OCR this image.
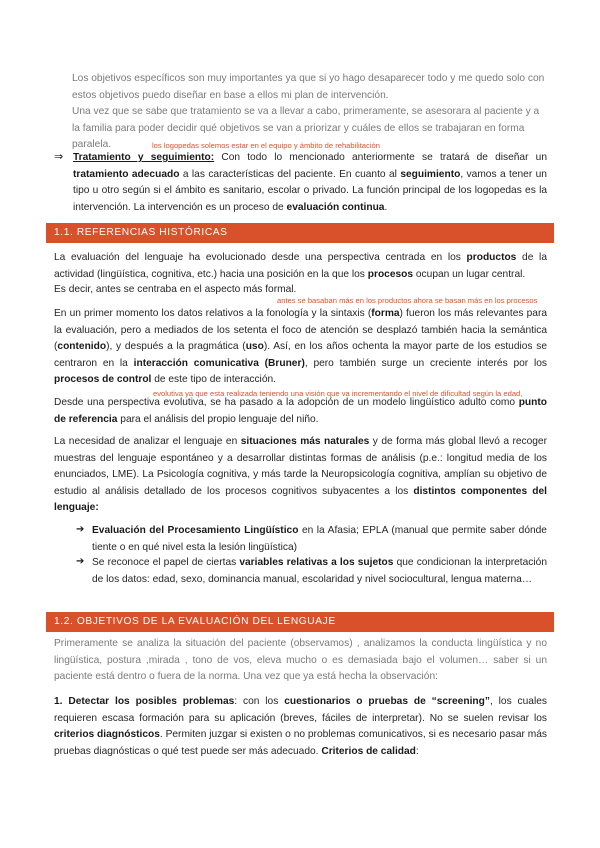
Los objetivos específicos son muy importantes ya que si yo hago desaparecer todo y me quedo solo con estos objetivos puedo diseñar en base a ellos mi plan de intervención.

Una vez que se sabe que tratamiento se va a llevar a cabo, primeramente, se asesorara al paciente y a la familia para poder decidir qué objetivos se van a priorizar y cuáles de ellos se trabajaran en forma paralela.	los logopedas solemos estar en el equipo y ámbito de rehabilitación
⇒ Tratamiento y seguimiento: Con todo lo mencionado anteriormente se tratará de diseñar un tratamiento adecuado a las características del paciente. En cuanto al seguimiento, vamos a tener un tipo u otro según si el ámbito es sanitario, escolar o privado. La función principal de los logopedas es la intervención. La intervención es un proceso de evaluación continua.

1.1. REFERENCIAS HISTÓRICAS

La evaluación del lenguaje ha evolucionado desde una perspectiva centrada en los productos de la actividad (lingüística, cognitiva, etc.) hacia una posición en la que los procesos ocupan un lugar central.

Es decir, antes se centraba en el aspecto más formal.

antes se basaban más en los productos ahora se basan más en los procesos

En un primer momento los datos relativos a la fonología y la sintaxis (forma) fueron los más relevantes para la evaluación, pero a mediados de los setenta el foco de atención se desplazó también hacia la semántica (contenido), y después a la pragmática (uso). Así, en los años ochenta la mayor parte de los estudios se centraron en la interacción comunicativa (Bruner), pero también surge un creciente interés por los procesos de control de este tipo de interacción.

evolutiva ya que esta realizada teniendo una visión que va incrementando el nivel de dificultad según la edad,

Desde una perspectiva evolutiva, se ha pasado a la adopción de un modelo lingüístico adulto como punto de referencia para el análisis del propio lenguaje del niño.

La necesidad de analizar el lenguaje en situaciones más naturales y de forma más global llevó a recoger muestras del lenguaje espontáneo y a desarrollar distintas formas de análisis (p.e.: longitud media de los enunciados, LME). La Psicología cognitiva, y más tarde la Neuropsicología cognitiva, amplían su objetivo de estudio al análisis detallado de los procesos cognitivos subyacentes a los distintos componentes del lenguaje:

➔ Evaluación del Procesamiento Lingüístico en la Afasia; EPLA (manual que permite saber dónde tiente o en qué nivel esta la lesión lingüística)

➔ Se reconoce el papel de ciertas variables relativas a los sujetos que condicionan la interpretación de los datos: edad, sexo, dominancia manual, escolaridad y nivel sociocultural, lengua materna…

1.2. OBJETIVOS DE LA EVALUACIÓN DEL LENGUAJE

Primeramente se analiza la situación del paciente (observamos) , analizamos la conducta lingüística y no lingüística, postura ,mirada , tono de vos, eleva mucho o es demasiada bajo el volumen… saber si un paciente está dentro o fuera de la norma. Una vez que ya está hecha la observación:

1. Detectar los posibles problemas: con los cuestionarios o pruebas de “screening”, los cuales requieren escasa formación para su aplicación (breves, fáciles de interpretar). No se suelen revisar los criterios diagnósticos. Permiten juzgar si existen o no problemas comunicativos, si es necesario pasar más pruebas diagnósticas o qué test puede ser más adecuado. Criterios de calidad:
